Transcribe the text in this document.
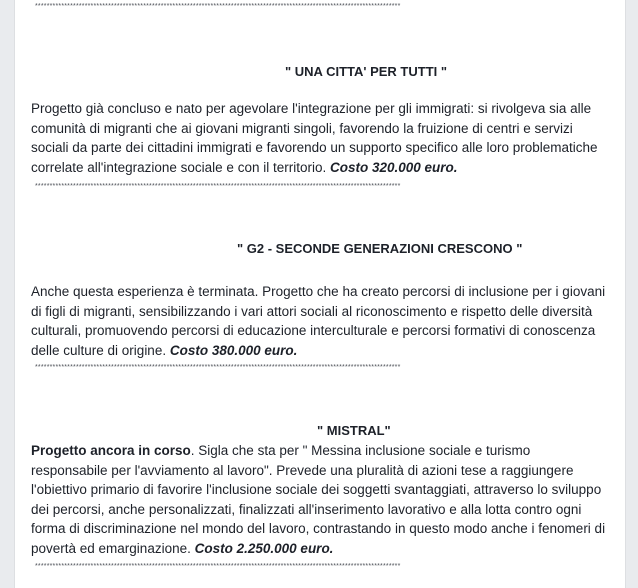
*****************************************************************************************************************************
" UNA CITTA' PER TUTTI "
Progetto già concluso e nato per agevolare l'integrazione per gli immigrati: si rivolgeva sia alle comunità di migranti che ai giovani migranti singoli, favorendo la fruizione di centri e servizi sociali da parte dei cittadini immigrati e favorendo un supporto specifico alle loro problematiche correlate all'integrazione sociale e con il territorio. Costo 320.000 euro.
*****************************************************************************************************************************
" G2 - SECONDE GENERAZIONI CRESCONO "
Anche questa esperienza è terminata. Progetto che ha creato percorsi di inclusione per i giovani di figli di migranti, sensibilizzando i vari attori sociali al riconoscimento e rispetto delle diversità culturali, promuovendo percorsi di educazione interculturale e percorsi formativi di conoscenza delle culture di origine. Costo 380.000 euro.
*****************************************************************************************************************************
" MISTRAL"
Progetto ancora in corso. Sigla che sta per " Messina inclusione sociale e turismo responsabile per l'avviamento al lavoro". Prevede una pluralità di azioni tese a raggiungere l'obiettivo primario di favorire l'inclusione sociale dei soggetti svantaggiati, attraverso lo sviluppo dei percorsi, anche personalizzati, finalizzati all'inserimento lavorativo e alla lotta contro ogni forma di discriminazione nel mondo del lavoro, contrastando in questo modo anche i fenomeri di povertà ed emarginazione. Costo 2.250.000 euro.
*****************************************************************************************************************************
